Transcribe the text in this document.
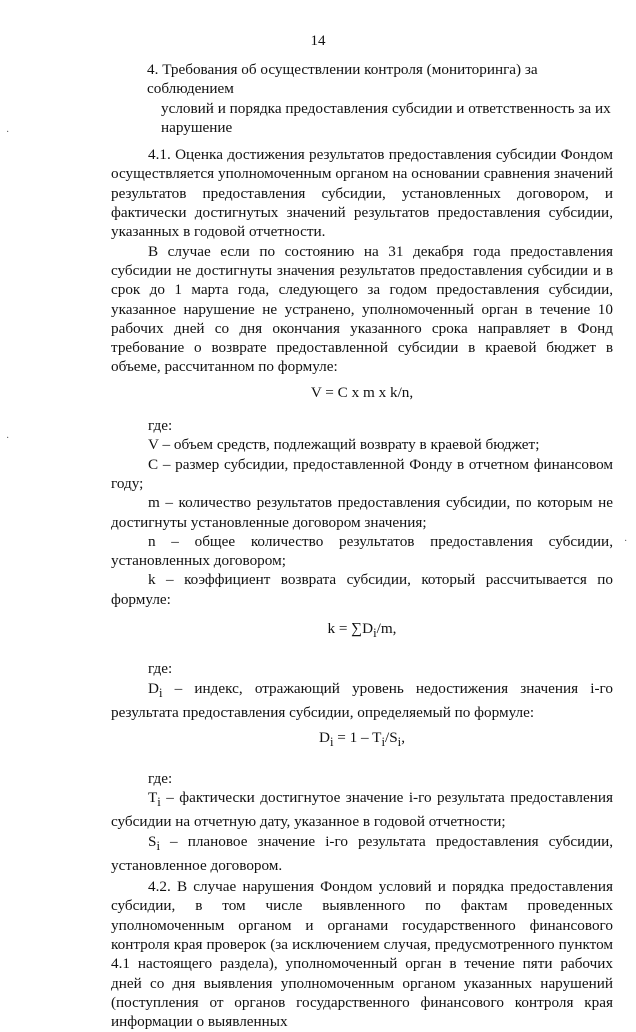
14
·
·
·
4. Требования об осуществлении контроля (мониторинга) за соблюдением
условий и порядка предоставления субсидии и ответственность за их
нарушение

4.1. Оценка достижения результатов предоставления субсидии Фондом осуществляется уполномоченным органом на основании сравнения значений результатов предоставления субсидии, установленных договором, и фактически достигнутых значений результатов предоставления субсидии, указанных в годовой отчетности.

В случае если по состоянию на 31 декабря года предоставления субсидии не достигнуты значения результатов предоставления субсидии и в срок до 1 марта года, следующего за годом предоставления субсидии, указанное нарушение не устранено, уполномоченный орган в течение 10 рабочих дней со дня окончания указанного срока направляет в Фонд требование о возврате предоставленной субсидии в краевой бюджет в объеме, рассчитанном по формуле:

V = C x m x k/n,

где:

V – объем средств, подлежащий возврату в краевой бюджет;

C – размер субсидии, предоставленной Фонду в отчетном финансовом году;

m – количество результатов предоставления субсидии, по которым не достигнуты установленные договором значения;

n – общее количество результатов предоставления субсидии, установленных договором;

k – коэффициент возврата субсидии, который рассчитывается по формуле:

$k = \sum D_i/m$,

где:

$D_i$ – индекс, отражающий уровень недостижения значения i-го результата предоставления субсидии, определяемый по формуле:

$D_i = 1 - T_i/S_i$,

где:

$T_i$ – фактически достигнутое значение i-го результата предоставления субсидии на отчетную дату, указанное в годовой отчетности;

$S_i$ – плановое значение i-го результата предоставления субсидии, установленное договором.

4.2. В случае нарушения Фондом условий и порядка предоставления субсидии, в том числе выявленного по фактам проведенных уполномоченным органом и органами государственного финансового контроля края проверок (за исключением случая, предусмотренного пунктом 4.1 настоящего раздела), уполномоченный орган в течение пяти рабочих дней со дня выявления уполномоченным органом указанных нарушений (поступления от органов государственного финансового контроля края информации о выявленных
